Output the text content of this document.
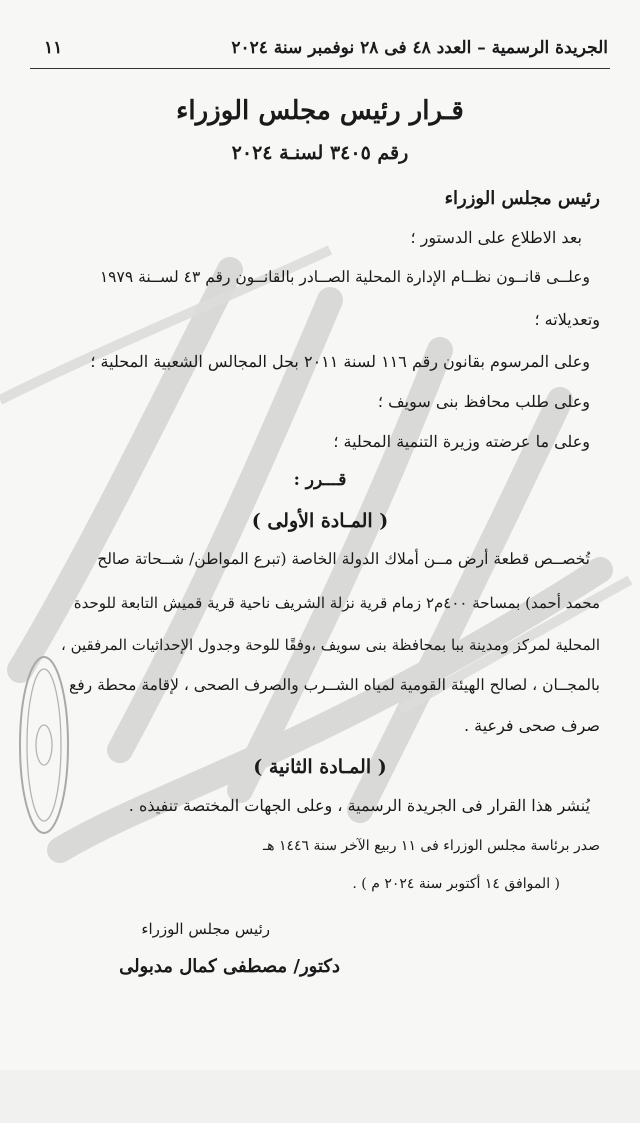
الجريدة الرسمية – العدد ٤٨ فى ٢٨ نوفمبر سنة ٢٠٢٤
١١
قـرار رئيس مجلس الوزراء
رقم ٣٤٠٥ لسنـة ٢٠٢٤
رئيس مجلس الوزراء
بعد الاطلاع على الدستور ؛
وعلــى قانــون نظــام الإدارة المحلية الصــادر بالقانــون رقم ٤٣ لســنة ١٩٧٩
وتعديلاته ؛
وعلى المرسوم بقانون رقم ١١٦ لسنة ٢٠١١ بحل المجالس الشعبية المحلية ؛
وعلى طلب محافظ بنى سويف ؛
وعلى ما عرضته وزيرة التنمية المحلية ؛
قـــرر :
( المـادة الأولى )
تُخصــص قطعة أرض مــن أملاك الدولة الخاصة (تبرع المواطن/ شــحاتة صالح
محمد أحمد) بمساحة ٤٠٠م٢ زمام قرية نزلة الشريف ناحية قرية قميش التابعة للوحدة
المحلية لمركز ومدينة ببا بمحافظة بنى سويف ،وفقًا للوحة وجدول الإحداثيات المرفقين ،
بالمجــان ، لصالح الهيئة القومية لمياه الشــرب والصرف الصحى ، لإقامة محطة رفع
صرف صحى فرعية .
( المـادة الثانية )
يُنشر هذا القرار فى الجريدة الرسمية ، وعلى الجهات المختصة تنفيذه .
صدر برئاسة مجلس الوزراء فى ١١ ربيع الآخر سنة ١٤٤٦ هـ
( الموافق ١٤ أكتوبر سنة ٢٠٢٤ م ) .
رئيس مجلس الوزراء
دكتور/ مصطفى كمال مدبولى
